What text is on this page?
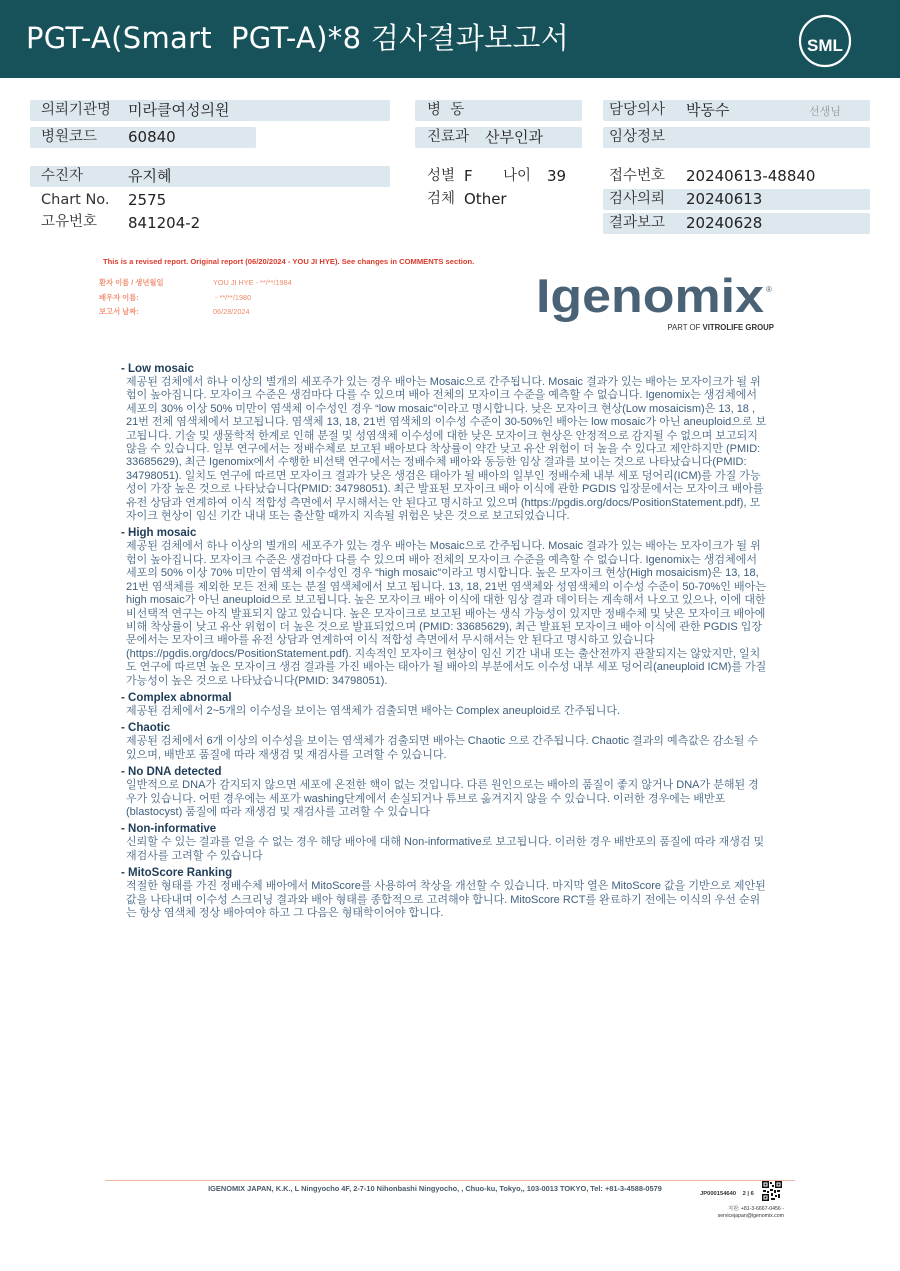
PGT-A(Smart  PGT-A)*8 검사결과보고서	SML
의뢰기관명 미라클여성의원
병원코드 60840
병  동
진료과 산부인과
담당의사 박동수	선생님
임상정보
수진자	유지혜
Chart No. 2575
고유번호 841204-2
성별 F 나이 39
검체 Other
접수번호 20240613-48840
검사의뢰 20240613
결과보고 20240628
This is a revised report. Original report (06/20/2024 - YOU JI HYE). See changes in COMMENTS section.
환자 이름 / 생년월일	YOU JI HYE - **/**/1984
배우자 이름:	- **/**/1980
보고서 날짜:	06/28/2024	Igenomix ®
PART OF VITROLIFE GROUP
- Low mosaic
제공된 검체에서 하나 이상의 별개의 세포주가 있는 경우 배아는 Mosaic으로 간주됩니다. Mosaic 결과가 있는 배아는 모자이크가 될 위험이 높아집니다. 모자이크 수준은 생검마다 다를 수 있으며 배아 전체의 모자이크 수준을 예측할 수 없습니다. Igenomix는 생검체에서 세포의 30% 이상 50% 미만이 염색체 이수성인 경우 “low mosaic”이라고 명시합니다. 낮은 모자이크 현상(Low mosaicism)은 13, 18 , 21번 전체 염색체에서 보고됩니다. 염색체 13, 18, 21번 염색체의 이수성 수준이 30-50%인 배아는 low mosaic가 아닌 aneuploid으로 보고됩니다. 기술 및 생물학적 한계로 인해 분절 및 성염색체 이수성에 대한 낮은 모자이크 현상은 안정적으로 감지될 수 없으며 보고되지 않을 수 있습니다. 일부 연구에서는 정배수체로 보고된 배아보다 착상률이 약간 낮고 유산 위험이 더 높을 수 있다고 제안하지만 (PMID: 33685629), 최근 Igenomix에서 수행한 비선택 연구에서는 정배수체 배아와 동등한 임상 결과를 보이는 것으로 나타났습니다(PMID: 34798051). 일치도 연구에 따르면 모자이크 결과가 낮은 생검은 태아가 될 배아의 일부인 정배수체 내부 세포 덩어리(ICM)를 가질 가능성이 가장 높은 것으로 나타났습니다(PMID: 34798051). 최근 발표된 모자이크 배아 이식에 관한 PGDIS 입장문에서는 모자이크 배아를 유전 상담과 연계하여 이식 적합성 측면에서 무시해서는 안 된다고 명시하고 있으며 (https://pgdis.org/docs/PositionStatement.pdf), 모자이크 현상이 임신 기간 내내 또는 출산할 때까지 지속될 위험은 낮은 것으로 보고되었습니다.
- High mosaic
제공된 검체에서 하나 이상의 별개의 세포주가 있는 경우 배아는 Mosaic으로 간주됩니다. Mosaic 결과가 있는 배아는 모자이크가 될 위험이 높아집니다. 모자이크 수준은 생검마다 다를 수 있으며 배아 전체의 모자이크 수준을 예측할 수 없습니다. Igenomix는 생검체에서 세포의 50% 이상 70% 미만이 염색체 이수성인 경우 “high mosaic”이라고 명시합니다. 높은 모자이크 현상(High mosaicism)은 13, 18, 21번 염색체를 제외한 모든 전체 또는 분절 염색체에서 보고 됩니다. 13, 18, 21번 염색체와 성염색체의 이수성 수준이 50-70%인 배아는 high mosaic가 아닌 aneuploid으로 보고됩니다. 높은 모자이크 배아 이식에 대한 임상 결과 데이터는 계속해서 나오고 있으나, 이에 대한 비선택적 연구는 아직 발표되지 않고 있습니다. 높은 모자이크로 보고된 배아는 생식 가능성이 있지만 정배수체 및 낮은 모자이크 배아에 비해 착상률이 낮고 유산 위험이 더 높은 것으로 발표되었으며 (PMID: 33685629), 최근 발표된 모자이크 배아 이식에 관한 PGDIS 입장문에서는 모자이크 배아를 유전 상담과 연계하여 이식 적합성 측면에서 무시해서는 안 된다고 명시하고 있습니다 (https://pgdis.org/docs/PositionStatement.pdf). 지속적인 모자이크 현상이 임신 기간 내내 또는 출산전까지 관찰되지는 않았지만, 일치도 연구에 따르면 높은 모자이크 생검 결과를 가진 배아는 태아가 될 배아의 부분에서도 이수성 내부 세포 덩어리(aneuploid ICM)를 가질 가능성이 높은 것으로 나타났습니다(PMID: 34798051).
- Complex abnormal
제공된 검체에서 2~5개의 이수성을 보이는 염색체가 검출되면 배아는 Complex aneuploid로 간주됩니다.
- Chaotic
제공된 검체에서 6개 이상의 이수성을 보이는 염색체가 검출되면 배아는 Chaotic 으로 간주됩니다. Chaotic 결과의 예측값은 감소될 수 있으며, 배반포 품질에 따라 재생검 및 재검사를 고려할 수 있습니다.
- No DNA detected
일반적으로 DNA가 감지되지 않으면 세포에 온전한 핵이 없는 것입니다. 다른 원인으로는 배아의 품질이 좋지 않거나 DNA가 분해된 경우가 있습니다. 어떤 경우에는 세포가 washing단계에서 손실되거나 튜브로 옮겨지지 않을 수 있습니다. 이러한 경우에는 배반포 (blastocyst) 품질에 따라 재생검 및 재검사를 고려할 수 있습니다
- Non-informative
신뢰할 수 있는 결과를 얻을 수 없는 경우 해당 배아에 대해 Non-informative로 보고됩니다. 이러한 경우 배반포의 품질에 따라 재생검 및 재검사를 고려할 수 있습니다
- MitoScore Ranking
적절한 형태를 가진 정배수체 배아에서 MitoScore를 사용하여 착상을 개선할 수 있습니다. 마지막 열은 MitoScore 값을 기반으로 제안된 값을 나타내며 이수성 스크리닝 결과와 배아 형태를 종합적으로 고려해야 합니다. MitoScore RCT를 완료하기 전에는 이식의 우선 순위는 항상 염색체 정상 배아여야 하고 그 다음은 형태학이어야 합니다.
IGENOMIX JAPAN, K.K., L Ningyocho 4F, 2-7-10 Nihonbashi Ningyocho, , Chuo-ku, Tokyo,, 103-0013 TOKYO, Tel: +81-3-4588-0579
JP000154640 2 | 6
지원: +81-3-6667-0456 -
servicejapan@igenomix.com
